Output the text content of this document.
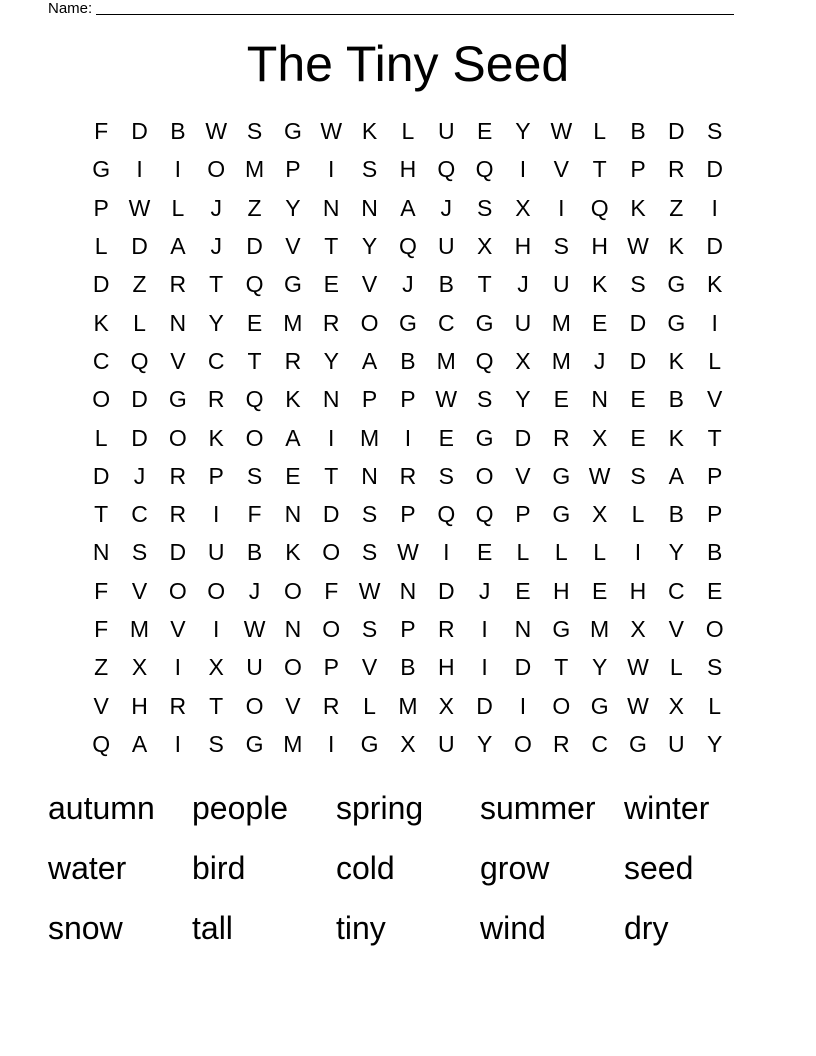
Name:
The Tiny Seed
F	D B W S G W K	L	U E	Y W L	B D S
G	I	I	O M P	I	S H Q Q	I	V	T	P R D
P W L	J	Z	Y N N A	J	S	X	I	Q K	Z	I
L	D A	J	D V	T	Y Q U X H S H W K D
D	Z	R	T Q G E	V	J	B	T	J	U K	S G K
K	L	N Y	E M R O G C G U M E D G	I
C Q V C	T	R Y	A	B M Q X M	J	D K	L
O D G R Q K N P	P W S	Y	E N E	B	V
L	D O K O A	I	M	I	E G D R X	E	K	T
D	J	R P	S	E	T	N R S O V G W S	A	P
T	C R	I	F	N D S	P Q Q P G X	L	B	P
N S D U B	K O S W	I	E	L	L	L	I	Y	B
F	V O O	J	O F W N D	J	E H E H C E
F M V	I	W N O S	P R	I	N G M X	V O
Z	X	I	X U O P	V	B H	I	D	T	Y W L	S
V H R	T O V R	L M X D	I	O G W X	L
Q A	I	S G M	I	G X U Y O R C G U Y
autumn	people	spring	summer winter
water	bird	cold	grow	seed
snow	tall	tiny	wind	dry
